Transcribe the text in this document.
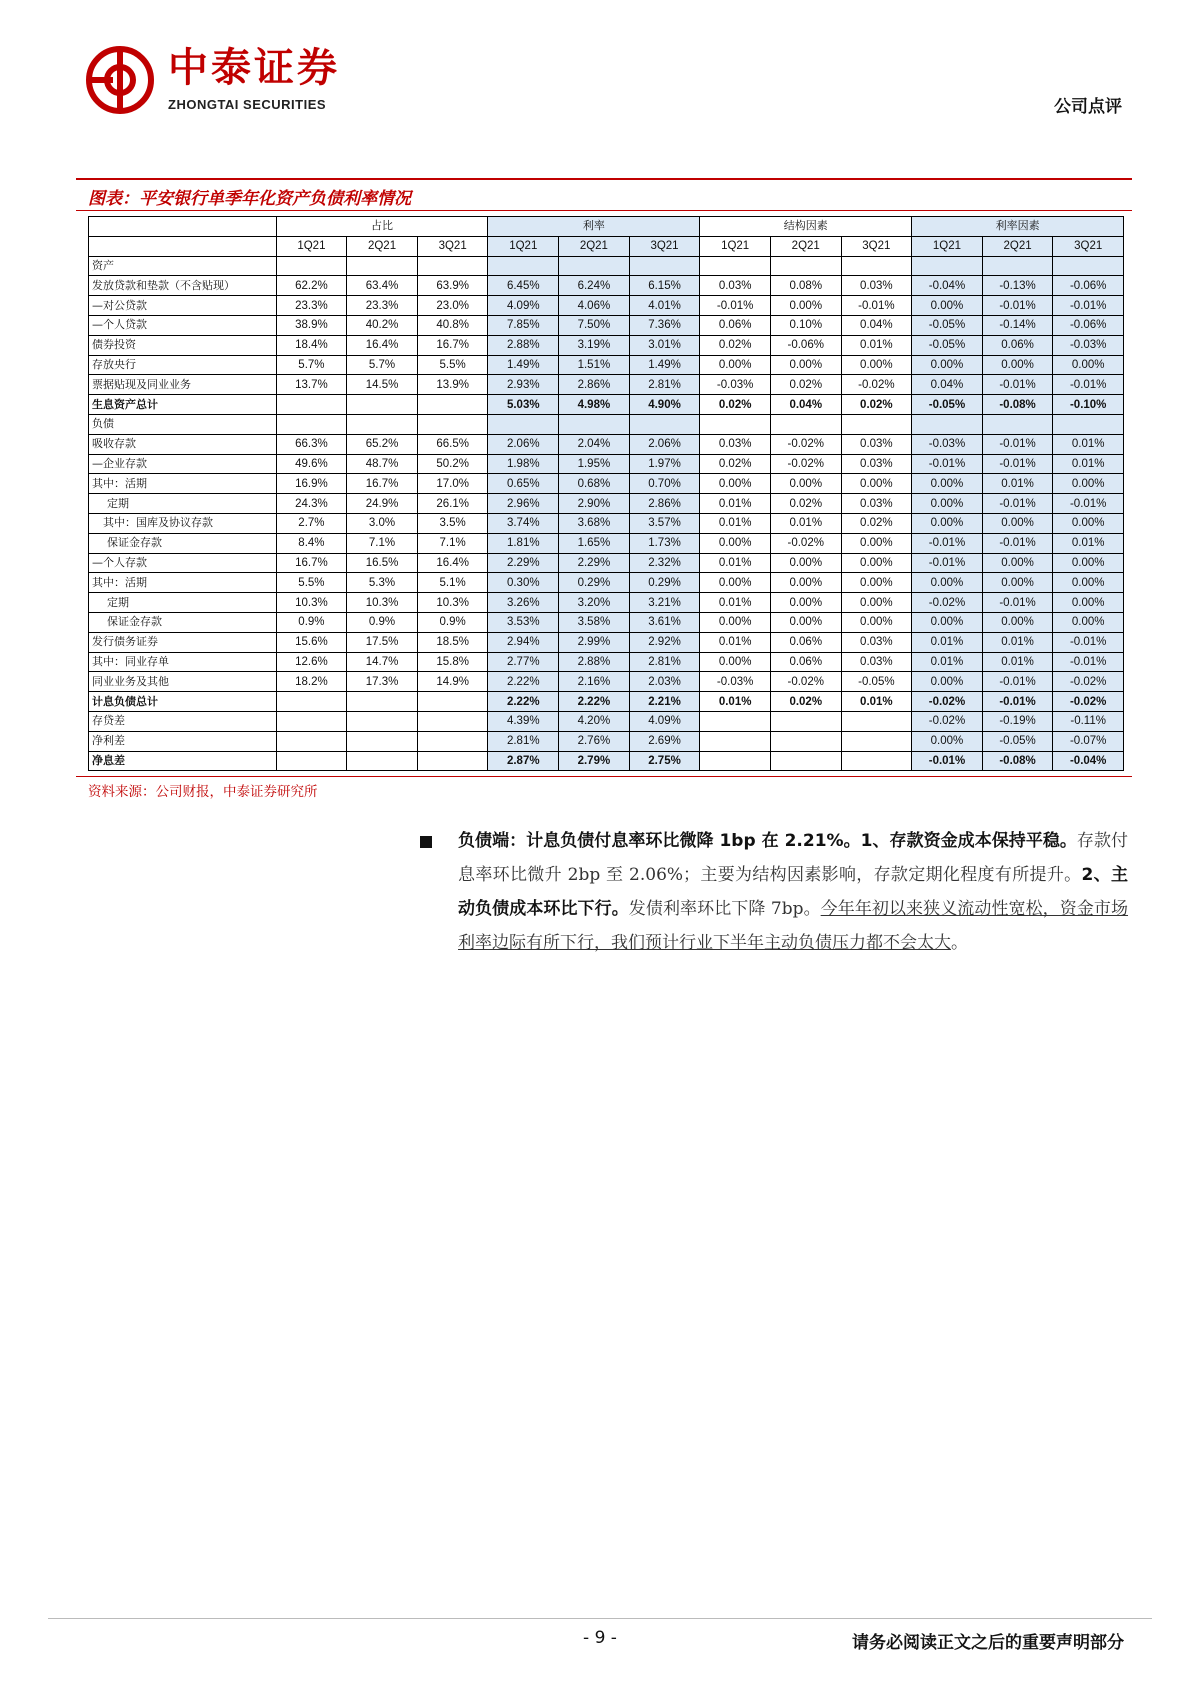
中泰证券
ZHONGTAI SECURITIES	公司点评
图表：平安银行单季年化资产负债利率情况
	占比			利率			结构因素			利率因素		
	1Q21	2Q21	3Q21	1Q21	2Q21	3Q21	1Q21	2Q21	3Q21	1Q21	2Q21	3Q21
资产												
发放贷款和垫款（不含贴现）	62.2%	63.4%	63.9%	6.45%	6.24%	6.15%	0.03%	0.08%	0.03%	-0.04%	-0.13%	-0.06%
—对公贷款	23.3%	23.3%	23.0%	4.09%	4.06%	4.01%	-0.01%	0.00%	-0.01%	0.00%	-0.01%	-0.01%
—个人贷款	38.9%	40.2%	40.8%	7.85%	7.50%	7.36%	0.06%	0.10%	0.04%	-0.05%	-0.14%	-0.06%
债券投资	18.4%	16.4%	16.7%	2.88%	3.19%	3.01%	0.02%	-0.06%	0.01%	-0.05%	0.06%	-0.03%
存放央行	5.7%	5.7%	5.5%	1.49%	1.51%	1.49%	0.00%	0.00%	0.00%	0.00%	0.00%	0.00%
票据贴现及同业业务	13.7%	14.5%	13.9%	2.93%	2.86%	2.81%	-0.03%	0.02%	-0.02%	0.04%	-0.01%	-0.01%
生息资产总计				5.03%	4.98%	4.90%	0.02%	0.04%	0.02%	-0.05%	-0.08%	-0.10%
负债												
吸收存款	66.3%	65.2%	66.5%	2.06%	2.04%	2.06%	0.03%	-0.02%	0.03%	-0.03%	-0.01%	0.01%
—企业存款	49.6%	48.7%	50.2%	1.98%	1.95%	1.97%	0.02%	-0.02%	0.03%	-0.01%	-0.01%	0.01%
其中：活期	16.9%	16.7%	17.0%	0.65%	0.68%	0.70%	0.00%	0.00%	0.00%	0.00%	0.01%	0.00%
定期	24.3%	24.9%	26.1%	2.96%	2.90%	2.86%	0.01%	0.02%	0.03%	0.00%	-0.01%	-0.01%
其中：国库及协议存款	2.7%	3.0%	3.5%	3.74%	3.68%	3.57%	0.01%	0.01%	0.02%	0.00%	0.00%	0.00%
保证金存款	8.4%	7.1%	7.1%	1.81%	1.65%	1.73%	0.00%	-0.02%	0.00%	-0.01%	-0.01%	0.01%
—个人存款	16.7%	16.5%	16.4%	2.29%	2.29%	2.32%	0.01%	0.00%	0.00%	-0.01%	0.00%	0.00%
其中：活期	5.5%	5.3%	5.1%	0.30%	0.29%	0.29%	0.00%	0.00%	0.00%	0.00%	0.00%	0.00%
定期	10.3%	10.3%	10.3%	3.26%	3.20%	3.21%	0.01%	0.00%	0.00%	-0.02%	-0.01%	0.00%
保证金存款	0.9%	0.9%	0.9%	3.53%	3.58%	3.61%	0.00%	0.00%	0.00%	0.00%	0.00%	0.00%
发行债务证券	15.6%	17.5%	18.5%	2.94%	2.99%	2.92%	0.01%	0.06%	0.03%	0.01%	0.01%	-0.01%
其中：同业存单	12.6%	14.7%	15.8%	2.77%	2.88%	2.81%	0.00%	0.06%	0.03%	0.01%	0.01%	-0.01%
同业业务及其他	18.2%	17.3%	14.9%	2.22%	2.16%	2.03%	-0.03%	-0.02%	-0.05%	0.00%	-0.01%	-0.02%
计息负债总计				2.22%	2.22%	2.21%	0.01%	0.02%	0.01%	-0.02%	-0.01%	-0.02%
存贷差				4.39%	4.20%	4.09%				-0.02%	-0.19%	-0.11%
净利差				2.81%	2.76%	2.69%				0.00%	-0.05%	-0.07%
净息差				2.87%	2.79%	2.75%				-0.01%	-0.08%	-0.04%
资料来源：公司财报，中泰证券研究所
负债端：计息负债付息率环比微降 1bp 在 2.21%。1、存款资金成本保持平稳。存款付息率环比微升 2bp 至 2.06%；主要为结构因素影响，存款定期化程度有所提升。2、主动负债成本环比下行。发债利率环比下降 7bp。今年年初以来狭义流动性宽松，资金市场利率边际有所下行，我们预计行业下半年主动负债压力都不会太大。
- 9 -	请务必阅读正文之后的重要声明部分
